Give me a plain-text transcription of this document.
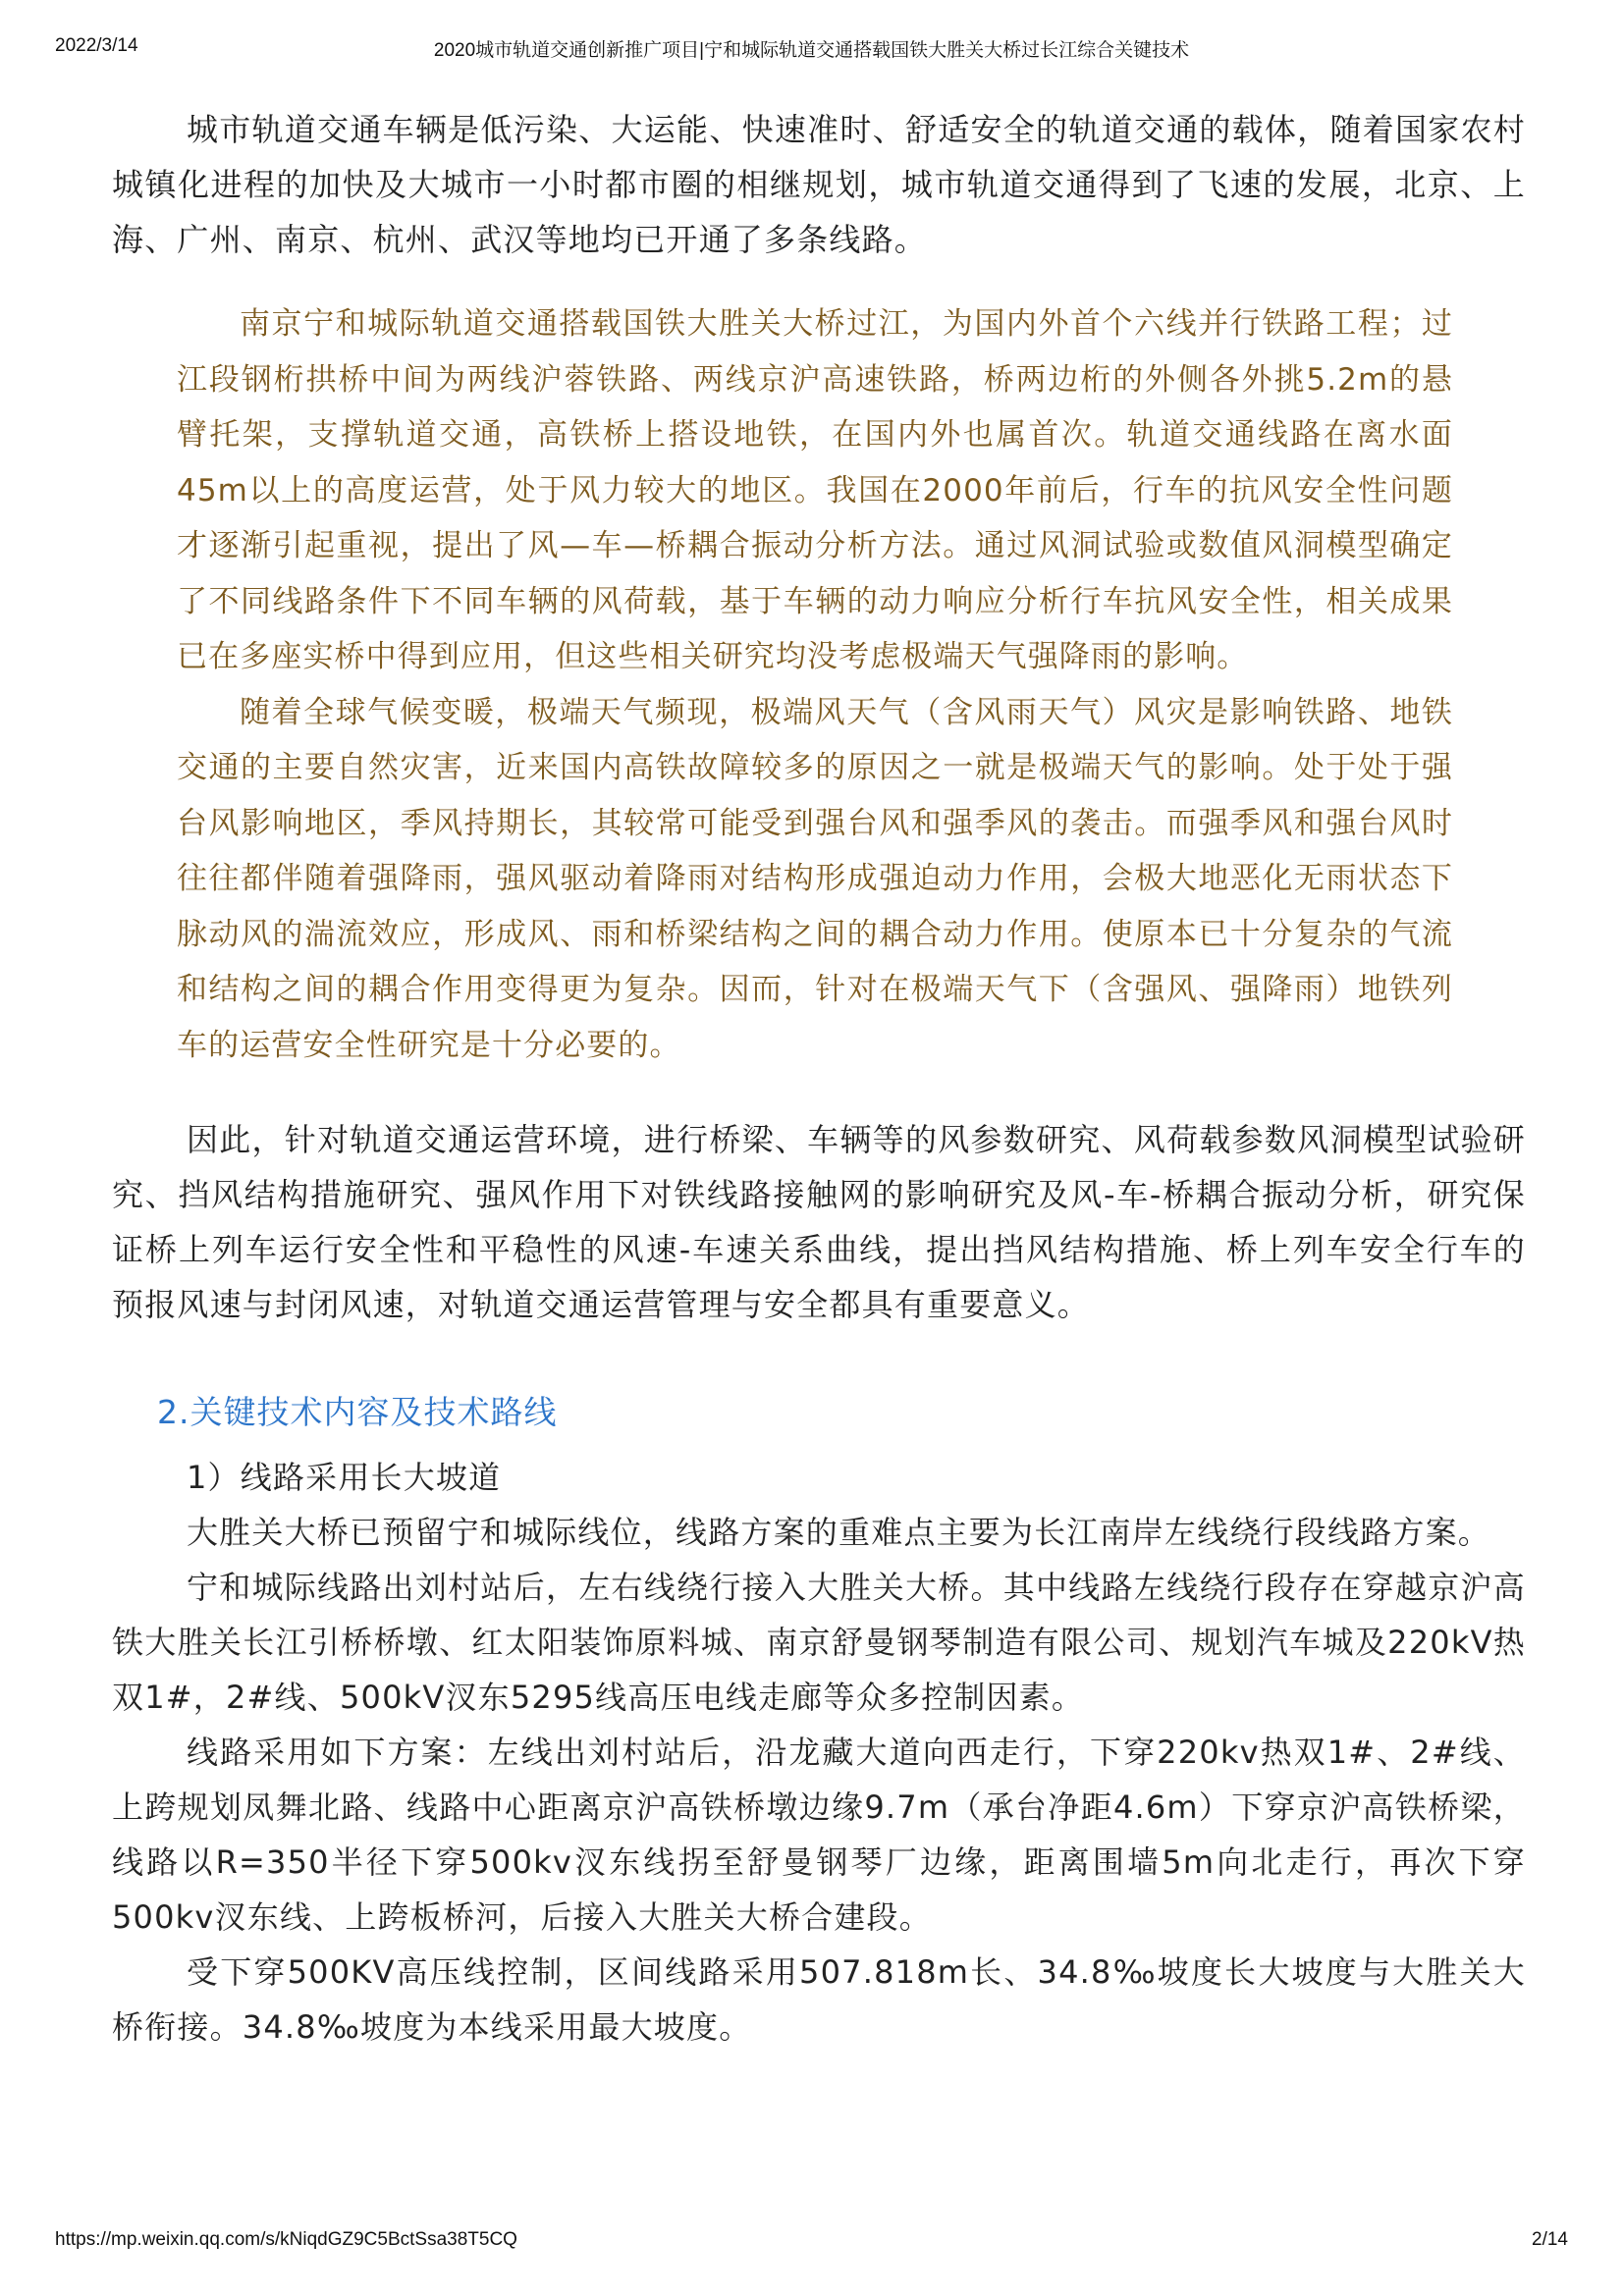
2022/3/14	2020城市轨道交通创新推广项目|宁和城际轨道交通搭载国铁大胜关大桥过长江综合关键技术

城市轨道交通车辆是低污染、大运能、快速准时、舒适安全的轨道交通的载体，随着国家农村城镇化进程的加快及大城市一小时都市圈的相继规划，城市轨道交通得到了飞速的发展，北京、上海、广州、南京、杭州、武汉等地均已开通了多条线路。

南京宁和城际轨道交通搭载国铁大胜关大桥过江，为国内外首个六线并行铁路工程；过江段钢桁拱桥中间为两线沪蓉铁路、两线京沪高速铁路，桥两边桁的外侧各外挑5.2m的悬臂托架，支撑轨道交通，高铁桥上搭设地铁，在国内外也属首次。轨道交通线路在离水面45m以上的高度运营，处于风力较大的地区。我国在2000年前后，行车的抗风安全性问题才逐渐引起重视，提出了风—车—桥耦合振动分析方法。通过风洞试验或数值风洞模型确定了不同线路条件下不同车辆的风荷载，基于车辆的动力响应分析行车抗风安全性，相关成果已在多座实桥中得到应用，但这些相关研究均没考虑极端天气强降雨的影响。

随着全球气候变暖，极端天气频现，极端风天气（含风雨天气）风灾是影响铁路、地铁交通的主要自然灾害，近来国内高铁故障较多的原因之一就是极端天气的影响。处于处于强台风影响地区，季风持期长，其较常可能受到强台风和强季风的袭击。而强季风和强台风时往往都伴随着强降雨，强风驱动着降雨对结构形成强迫动力作用，会极大地恶化无雨状态下脉动风的湍流效应，形成风、雨和桥梁结构之间的耦合动力作用。使原本已十分复杂的气流和结构之间的耦合作用变得更为复杂。因而，针对在极端天气下（含强风、强降雨）地铁列车的运营安全性研究是十分必要的。

因此，针对轨道交通运营环境，进行桥梁、车辆等的风参数研究、风荷载参数风洞模型试验研究、挡风结构措施研究、强风作用下对铁线路接触网的影响研究及风-车-桥耦合振动分析，研究保证桥上列车运行安全性和平稳性的风速-车速关系曲线，提出挡风结构措施、桥上列车安全行车的预报风速与封闭风速，对轨道交通运营管理与安全都具有重要意义。

2.关键技术内容及技术路线
1）线路采用长大坡道

大胜关大桥已预留宁和城际线位，线路方案的重难点主要为长江南岸左线绕行段线路方案。

宁和城际线路出刘村站后，左右线绕行接入大胜关大桥。其中线路左线绕行段存在穿越京沪高铁大胜关长江引桥桥墩、红太阳装饰原料城、南京舒曼钢琴制造有限公司、规划汽车城及220kV热双1#，2#线、500kV汊东5295线高压电线走廊等众多控制因素。

线路采用如下方案：左线出刘村站后，沿龙藏大道向西走行，下穿220kv热双1#、2#线、上跨规划凤舞北路、线路中心距离京沪高铁桥墩边缘9.7m（承台净距4.6m）下穿京沪高铁桥梁，线路以R=350半径下穿500kv汊东线拐至舒曼钢琴厂边缘，距离围墙5m向北走行，再次下穿500kv汊东线、上跨板桥河，后接入大胜关大桥合建段。

受下穿500KV高压线控制，区间线路采用507.818m长、34.8‰坡度长大坡度与大胜关大桥衔接。34.8‰坡度为本线采用最大坡度。

https://mp.weixin.qq.com/s/kNiqdGZ9C5BctSsa38T5CQ	2/14
